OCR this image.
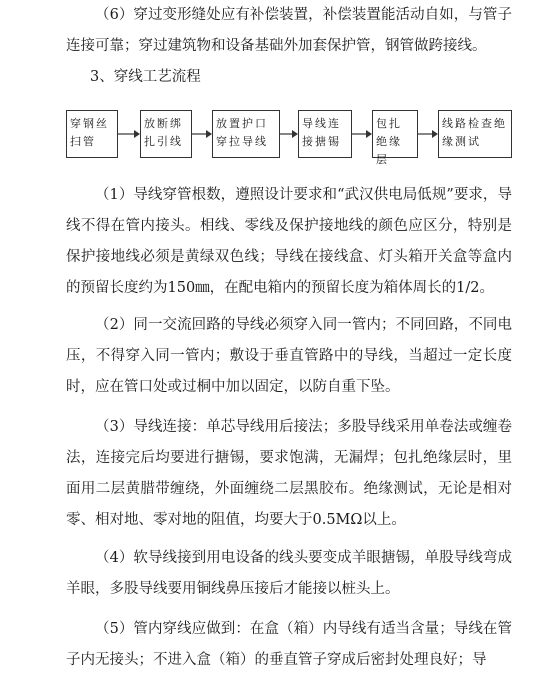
（6）穿过变形缝处应有补偿装置，补偿装置能活动自如，与管子连接可靠；穿过建筑物和设备基础外加套保护管，钢管做跨接线。

3、穿线工艺流程

穿钢丝扫管
放断绑扎引线
放置护口穿拉导线
导线连接搪锡
包扎绝缘层
线路检查绝缘测试

（1）导线穿管根数，遵照设计要求和“武汉供电局低规”要求，导线不得在管内接头。相线、零线及保护接地线的颜色应区分，特别是保护接地线必须是黄绿双色线；导线在接线盒、灯头箱开关盒等盒内的预留长度约为150㎜，在配电箱内的预留长度为箱体周长的1/2。

（2）同一交流回路的导线必须穿入同一管内；不同回路，不同电压，不得穿入同一管内；敷设于垂直管路中的导线，当超过一定长度时，应在管口处或过桐中加以固定，以防自重下坠。

（3）导线连接：单芯导线用后接法；多股导线采用单卷法或缠卷法，连接完后均要进行搪锡，要求饱满，无漏焊；包扎绝缘层时，里面用二层黄腊带缠绕，外面缠绕二层黑胶布。绝缘测试，无论是相对零、相对地、零对地的阻值，均要大于0.5MΩ以上。

（4）软导线接到用电设备的线头要变成羊眼搪锡，单股导线弯成羊眼，多股导线要用铜线鼻压接后才能接以桩头上。

（5）管内穿线应做到：在盒（箱）内导线有适当含量；导线在管子内无接头；不进入盒（箱）的垂直管子穿成后密封处理良好；导
